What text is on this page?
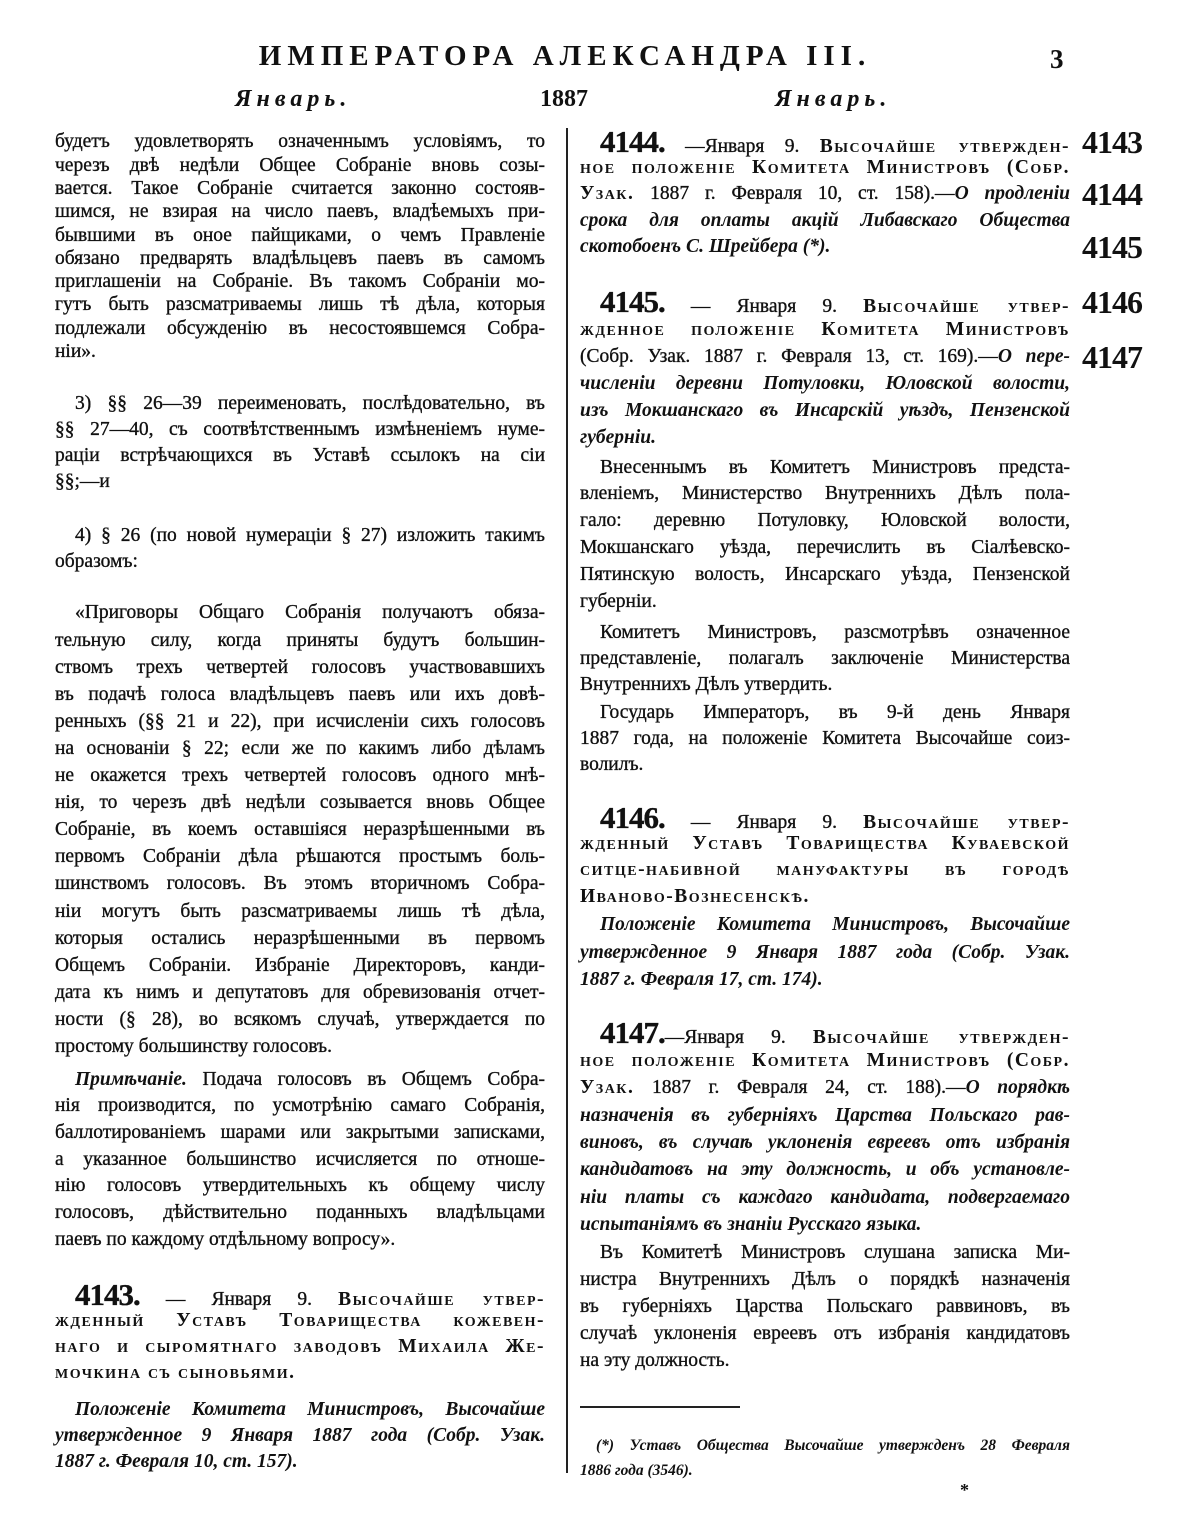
ИМПЕРАТОРА АЛЕКСАНДРА III.	3
Январь.	1887	Январь.
будетъ удовлетворять означеннымъ условіямъ, то
черезъ двѣ недѣли Общее Собраніе вновь созы-
вается. Такое Собраніе считается законно состояв-
шимся, не взирая на число паевъ, владѣемыхъ при-
бывшими въ оное пайщиками, о чемъ Правленіе
обязано предварять владѣльцевъ паевъ въ самомъ
приглашеніи на Собраніе. Въ такомъ Собраніи мо-
гутъ быть разсматриваемы лишь тѣ дѣла, которыя
подлежали обсужденію въ несостоявшемся Собра-
ніи».
3) §§ 26—39 переименовать, послѣдовательно, въ
§§ 27—40, съ соотвѣтственнымъ измѣненіемъ нуме-
раціи встрѣчающихся въ Уставѣ ссылокъ на сіи
§§;—и
4) § 26 (по новой нумераціи § 27) изложить такимъ
образомъ:
«Приговоры Общаго Собранія получаютъ обяза-
тельную силу, когда приняты будутъ большин-
ствомъ трехъ четвертей голосовъ участвовавшихъ
въ подачѣ голоса владѣльцевъ паевъ или ихъ довѣ-
ренныхъ (§§ 21 и 22), при исчисленіи сихъ голосовъ
на основаніи § 22; если же по какимъ либо дѣламъ
не окажется трехъ четвертей голосовъ одного мнѣ-
нія, то черезъ двѣ недѣли созывается вновь Общее
Собраніе, въ коемъ оставшіяся неразрѣшенными въ
первомъ Собраніи дѣла рѣшаются простымъ боль-
шинствомъ голосовъ. Въ этомъ вторичномъ Собра-
ніи могутъ быть разсматриваемы лишь тѣ дѣла,
которыя остались неразрѣшенными въ первомъ
Общемъ Собраніи. Избраніе Директоровъ, канди-
дата къ нимъ и депутатовъ для обревизованія отчет-
ности (§ 28), во всякомъ случаѣ, утверждается по
простому большинству голосовъ.
Примѣчаніе. Подача голосовъ въ Общемъ Собра-
нія производится, по усмотрѣнію самаго Собранія,
баллотированіемъ шарами или закрытыми записками,
а указанное большинство исчисляется по отноше-
нію голосовъ утвердительныхъ къ общему числу
голосовъ, дѣйствительно поданныхъ владѣльцами
паевъ по каждому отдѣльному вопросу».
4143. — Января 9. Высочайше утвер-
жденный Уставъ Товарищества кожевен-
наго и сыромятнаго заводовъ Михаила Же-
мочкина съ сыновьями.
Положеніе Комитета Министровъ, Высочайше
утвержденное 9 Января 1887 года (Собр. Узак.
1887 г. Февраля 10, ст. 157).
4144. —Января 9. Высочайше утвержден-
ное положеніе Комитета Министровъ (Собр.
Узак. 1887 г. Февраля 10, ст. 158).—О продленіи
срока для оплаты акцій Либавскаго Общества
скотобоенъ С. Шрейбера (*).
4145. — Января 9. Высочайше утвер-
жденное положеніе Комитета Министровъ
(Собр. Узак. 1887 г. Февраля 13, ст. 169).—О пере-
численіи деревни Потуловки, Юловской волости,
изъ Мокшанскаго въ Инсарскій уѣздъ, Пензенской
губерніи.
Внесеннымъ въ Комитетъ Министровъ предста-
вленіемъ, Министерство Внутреннихъ Дѣлъ пола-
гало: деревню Потуловку, Юловской волости,
Мокшанскаго уѣзда, перечислить въ Сіалѣевско-
Пятинскую волость, Инсарскаго уѣзда, Пензенской
губерніи.
Комитетъ Министровъ, разсмотрѣвъ означенное
представленіе, полагалъ заключеніе Министерства
Внутреннихъ Дѣлъ утвердить.
Государь Императоръ, въ 9-й день Января
1887 года, на положеніе Комитета Высочайше соиз-
волилъ.
4146. — Января 9. Высочайше утвер-
жденный Уставъ Товарищества Куваевской
ситце-набивной мануфактуры въ городѣ
Иваново-Вознесенскѣ.
Положеніе Комитета Министровъ, Высочайше
утвержденное 9 Января 1887 года (Собр. Узак.
1887 г. Февраля 17, ст. 174).
4147.—Января 9. Высочайше утвержден-
ное положеніе Комитета Министровъ (Собр.
Узак. 1887 г. Февраля 24, ст. 188).—О порядкѣ
назначенія въ губерніяхъ Царства Польскаго рав-
виновъ, въ случаѣ уклоненія евреевъ отъ избранія
кандидатовъ на эту должность, и объ установле-
ніи платы съ каждаго кандидата, подвергаемаго
испытаніямъ въ знаніи Русскаго языка.
Въ Комитетѣ Министровъ слушана записка Ми-
нистра Внутреннихъ Дѣлъ о порядкѣ назначенія
въ губерніяхъ Царства Польскаго раввиновъ, въ
случаѣ уклоненія евреевъ отъ избранія кандидатовъ
на эту должность.
4143
4144
4145
4146
4147
(*) Уставъ Общества Высочайше утвержденъ 28 Февраля
1886 года (3546).
*
